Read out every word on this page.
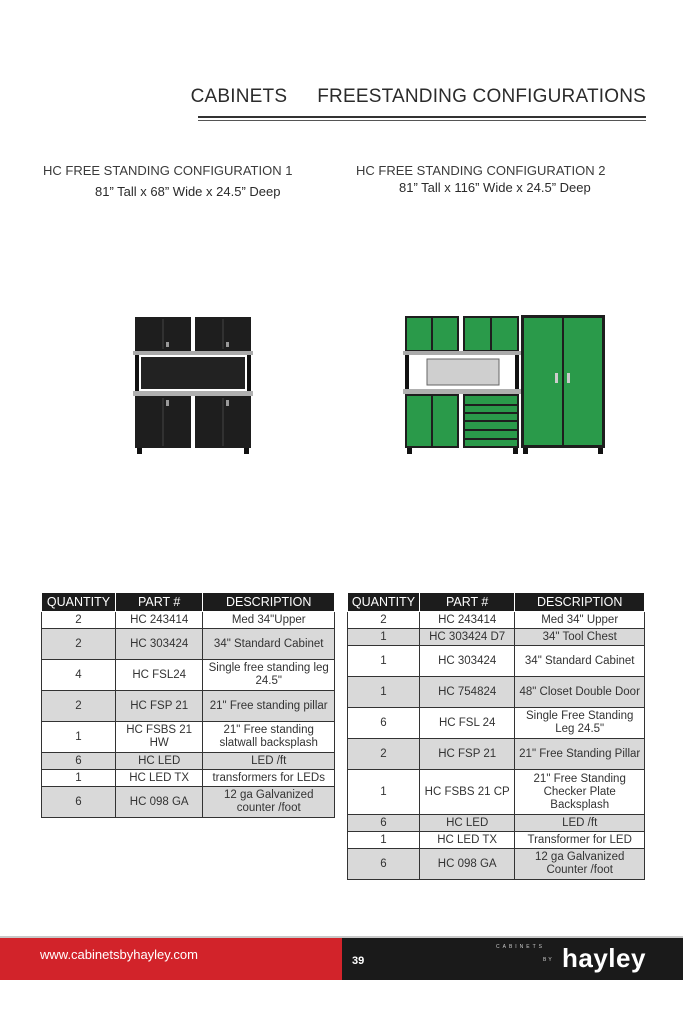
CABINETS FREESTANDING CONFIGURATIONS
HC FREE STANDING CONFIGURATION 1
81” Tall x 68” Wide x 24.5” Deep
HC FREE STANDING CONFIGURATION 2
81” Tall x 116” Wide x 24.5” Deep
QUANTITY	PART #	DESCRIPTION
2	HC 243414	Med 34"Upper
2	HC 303424	34" Standard Cabinet
4	HC FSL24	Single free standing leg 24.5"
2	HC FSP 21	21" Free standing pillar
1	HC FSBS 21 HW	21" Free standing slatwall backsplash
6	HC LED	LED /ft
1	HC LED TX	transformers for LEDs
6	HC 098 GA	12 ga Galvanized counter /foot
QUANTITY	PART #	DESCRIPTION
2	HC 243414	Med 34" Upper
1	HC 303424 D7	34" Tool Chest
1	HC 303424	34" Standard Cabinet
1	HC 754824	48" Closet Double Door
6	HC FSL 24	Single Free Standing Leg 24.5"
2	HC FSP 21	21" Free Standing Pillar
1	HC FSBS 21 CP	21" Free Standing Checker Plate Backsplash
6	HC LED	LED /ft
1	HC LED TX	Transformer for LED
6	HC 098 GA	12 ga Galvanized Counter /foot
www.cabinetsbyhayley.com	39
CABINETS
BY hayley
